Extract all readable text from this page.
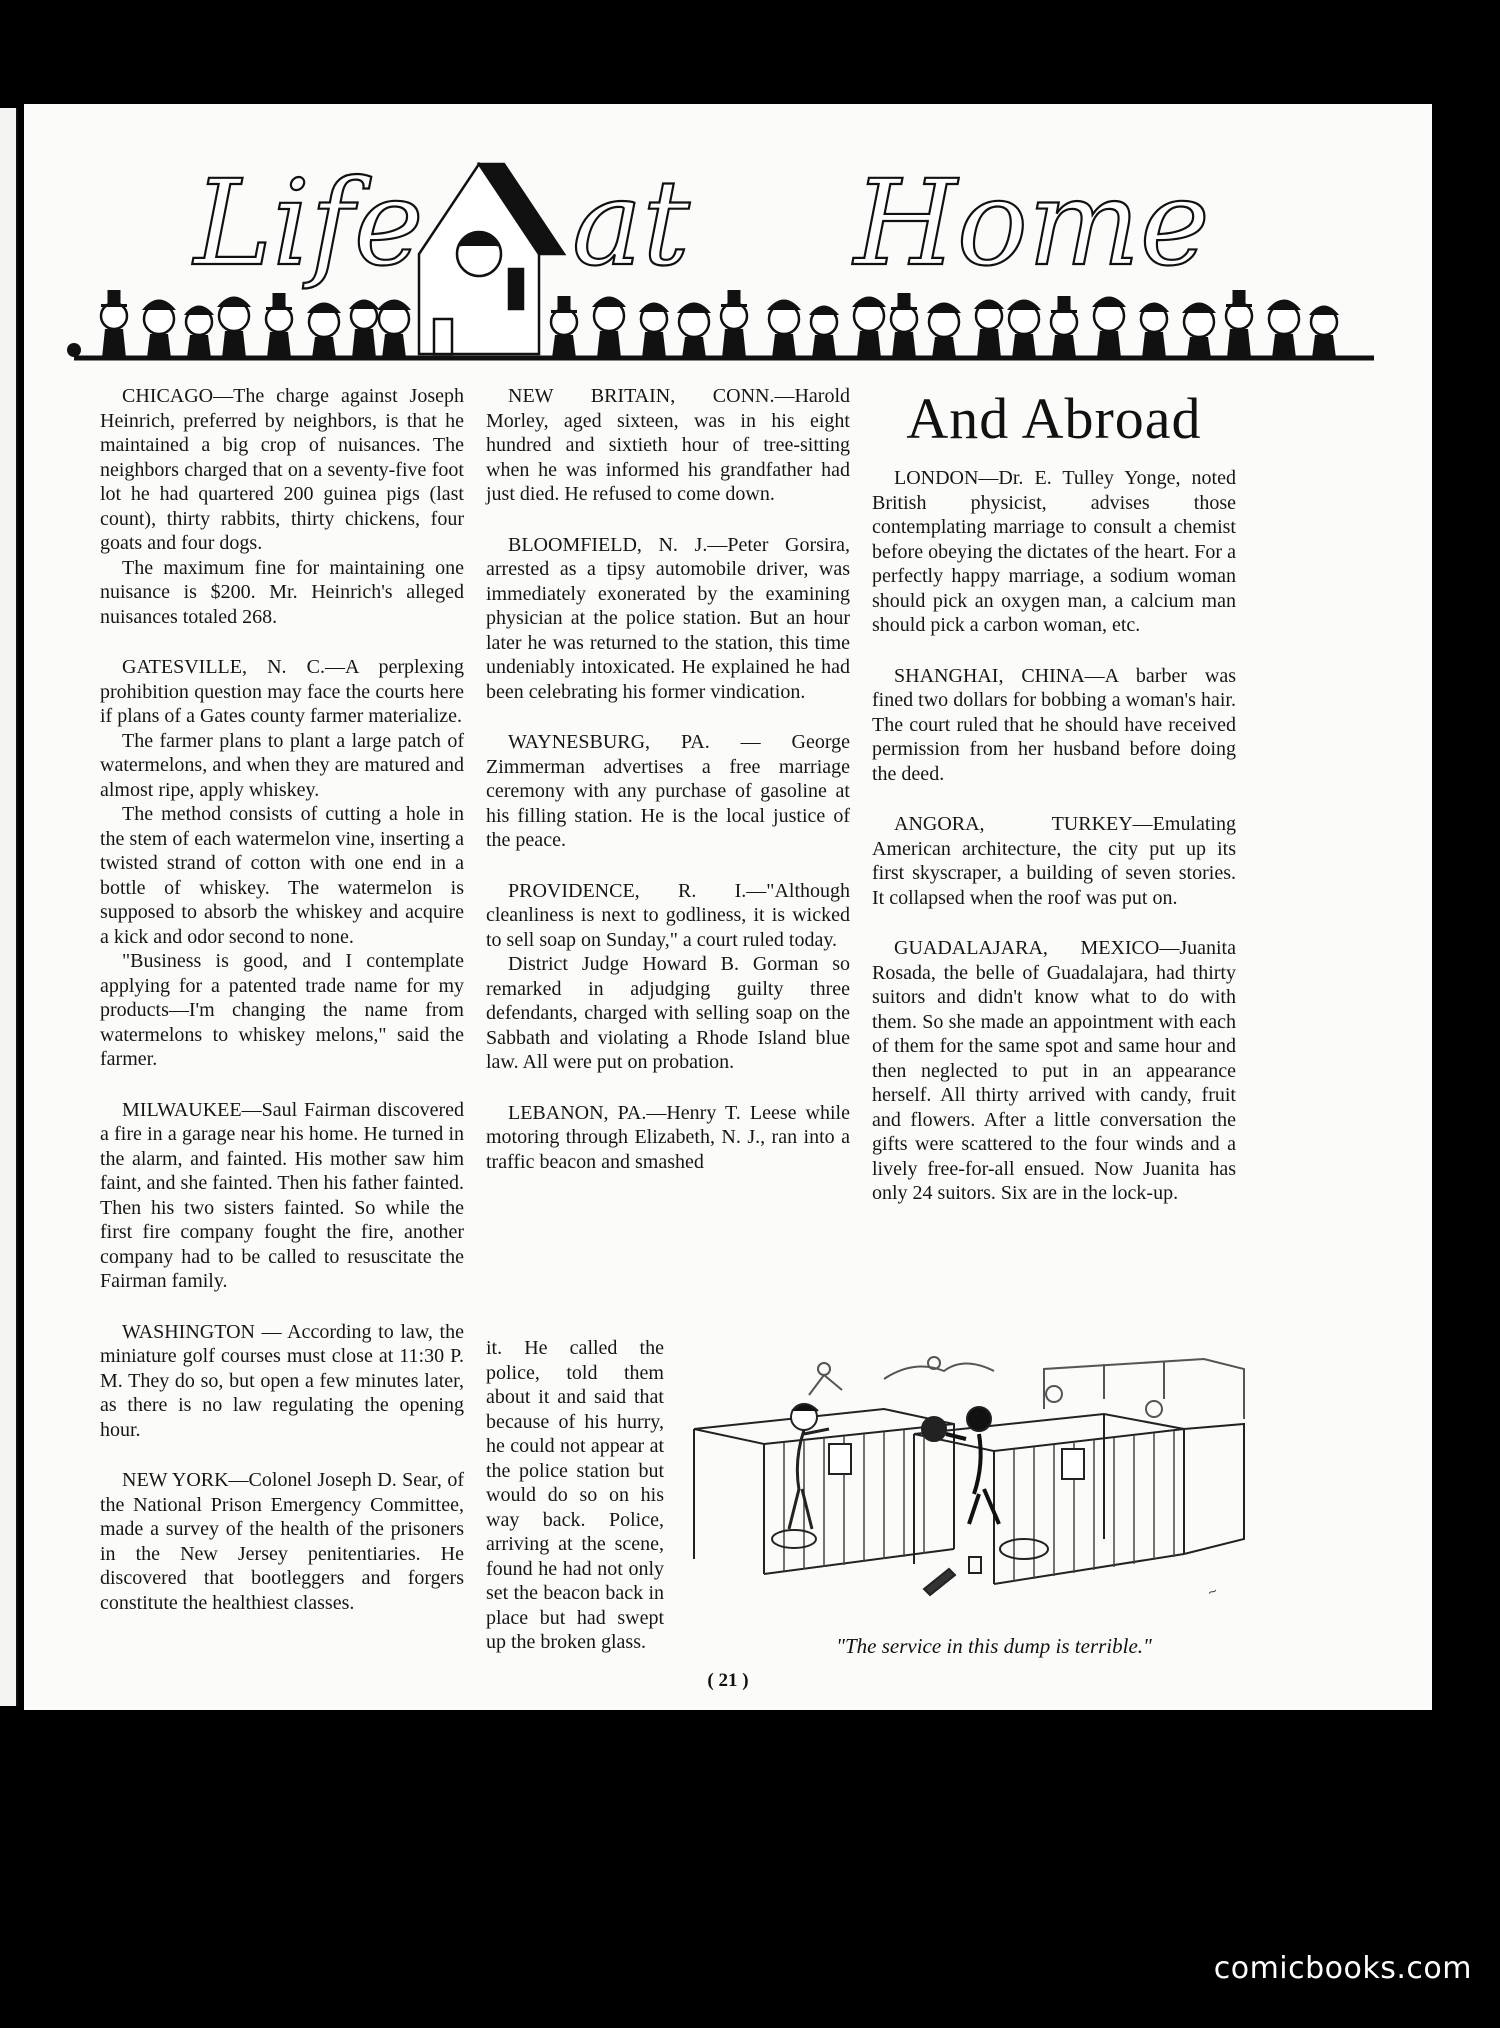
Life at Home

CHICAGO—The charge against Joseph Heinrich, preferred by neighbors, is that he maintained a big crop of nuisances. The neighbors charged that on a seventy-five foot lot he had quartered 200 guinea pigs (last count), thirty rabbits, thirty chickens, four goats and four dogs.

The maximum fine for maintaining one nuisance is $200. Mr. Heinrich's alleged nuisances totaled 268.

GATESVILLE, N. C.—A perplexing prohibition question may face the courts here if plans of a Gates county farmer materialize.

The farmer plans to plant a large patch of watermelons, and when they are matured and almost ripe, apply whiskey.

The method consists of cutting a hole in the stem of each watermelon vine, inserting a twisted strand of cotton with one end in a bottle of whiskey. The watermelon is supposed to absorb the whiskey and acquire a kick and odor second to none.

"Business is good, and I contemplate applying for a patented trade name for my products—I'm changing the name from watermelons to whiskey melons," said the farmer.

MILWAUKEE—Saul Fairman discovered a fire in a garage near his home. He turned in the alarm, and fainted. His mother saw him faint, and she fainted. Then his father fainted. Then his two sisters fainted. So while the first fire company fought the fire, another company had to be called to resuscitate the Fairman family.

WASHINGTON — According to law, the miniature golf courses must close at 11:30 P. M. They do so, but open a few minutes later, as there is no law regulating the opening hour.

NEW YORK—Colonel Joseph D. Sear, of the National Prison Emergency Committee, made a survey of the health of the prisoners in the New Jersey penitentiaries. He discovered that bootleggers and forgers constitute the healthiest classes.

NEW BRITAIN, CONN.—Harold Morley, aged sixteen, was in his eight hundred and sixtieth hour of tree-sitting when he was informed his grandfather had just died. He refused to come down.

BLOOMFIELD, N. J.—Peter Gorsira, arrested as a tipsy automobile driver, was immediately exonerated by the examining physician at the police station. But an hour later he was returned to the station, this time undeniably intoxicated. He explained he had been celebrating his former vindication.

WAYNESBURG, PA. — George Zimmerman advertises a free marriage ceremony with any purchase of gasoline at his filling station. He is the local justice of the peace.

PROVIDENCE, R. I.—"Although cleanliness is next to godliness, it is wicked to sell soap on Sunday," a court ruled today.

District Judge Howard B. Gorman so remarked in adjudging guilty three defendants, charged with selling soap on the Sabbath and violating a Rhode Island blue law. All were put on probation.

LEBANON, PA.—Henry T. Leese while motoring through Elizabeth, N. J., ran into a traffic beacon and smashed

it. He called the police, told them about it and said that because of his hurry, he could not appear at the police station but would do so on his way back. Police, arriving at the scene, found he had not only set the beacon back in place but had swept up the broken glass.
And Abroad

LONDON—Dr. E. Tulley Yonge, noted British physicist, advises those contemplating marriage to consult a chemist before obeying the dictates of the heart. For a perfectly happy marriage, a sodium woman should pick an oxygen man, a calcium man should pick a carbon woman, etc.

SHANGHAI, CHINA—A barber was fined two dollars for bobbing a woman's hair. The court ruled that he should have received permission from her husband before doing the deed.

ANGORA, TURKEY—Emulating American architecture, the city put up its first skyscraper, a building of seven stories. It collapsed when the roof was put on.

GUADALAJARA, MEXICO—Juanita Rosada, the belle of Guadalajara, had thirty suitors and didn't know what to do with them. So she made an appointment with each of them for the same spot and same hour and then neglected to put in an appearance herself. All thirty arrived with candy, fruit and flowers. After a little conversation the gifts were scattered to the four winds and a lively free-for-all ensued. Now Juanita has only 24 suitors. Six are in the lock-up.

~
"The service in this dump is terrible."
( 21 )
comicbooks.com
